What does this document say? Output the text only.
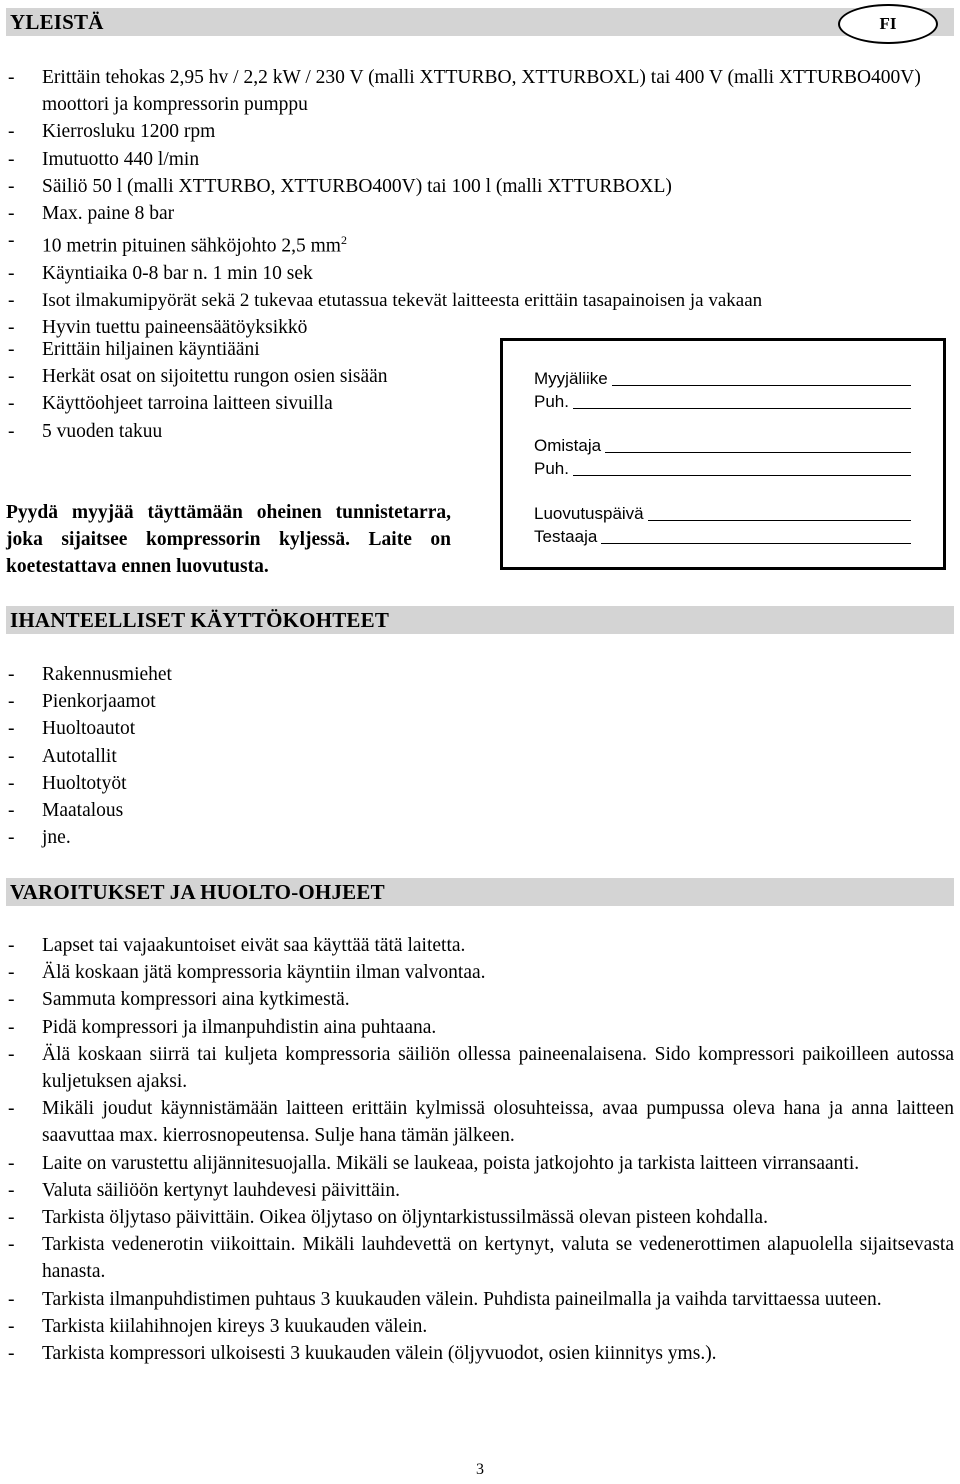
YLEISTÄ	FI
- Erittäin tehokas 2,95 hv / 2,2 kW / 230 V (malli XTTURBO, XTTURBOXL) tai 400 V (malli XTTURBO400V) moottori ja kompressorin pumppu
- Kierrosluku 1200 rpm
- Imutuotto 440 l/min
- Säiliö 50 l (malli XTTURBO, XTTURBO400V) tai 100 l (malli XTTURBOXL)
- Max. paine 8 bar
- 10 metrin pituinen sähköjohto 2,5 $mm^2$
- Käyntiaika 0-8 bar n. 1 min 10 sek
- Isot ilmakumipyörät sekä 2 tukevaa etutassua tekevät laitteesta erittäin tasapainoisen ja vakaan
- Hyvin tuettu paineensäätöyksikkö
- Erittäin hiljainen käyntiääni
- Herkät osat on sijoitettu rungon osien sisään
- Käyttöohjeet tarroina laitteen sivuilla
- 5 vuoden takuu
Pyydä myyjää täyttämään oheinen tunnistetarra, joka sijaitsee kompressorin kyljessä. Laite on koetestattava ennen luovutusta.
Myyjäliike
Puh.
Omistaja
Puh.
Luovutuspäivä
Testaaja
IHANTEELLISET KÄYTTÖKOHTEET
- Rakennusmiehet
- Pienkorjaamot
- Huoltoautot
- Autotallit
- Huoltotyöt
- Maatalous
- jne.
VAROITUKSET JA HUOLTO-OHJEET
- Lapset tai vajaakuntoiset eivät saa käyttää tätä laitetta.
- Älä koskaan jätä kompressoria käyntiin ilman valvontaa.
- Sammuta kompressori aina kytkimestä.
- Pidä kompressori ja ilmanpuhdistin aina puhtaana.
- Älä koskaan siirrä tai kuljeta kompressoria säiliön ollessa paineenalaisena. Sido kompressori paikoilleen autossa kuljetuksen ajaksi.
- Mikäli joudut käynnistämään laitteen erittäin kylmissä olosuhteissa, avaa pumpussa oleva hana ja anna laitteen saavuttaa max. kierrosnopeutensa. Sulje hana tämän jälkeen.
- Laite on varustettu alijännitesuojalla. Mikäli se laukeaa, poista jatkojohto ja tarkista laitteen virransaanti.
- Valuta säiliöön kertynyt lauhdevesi päivittäin.
- Tarkista öljytaso päivittäin. Oikea öljytaso on öljyntarkistussilmässä olevan pisteen kohdalla.
- Tarkista vedenerotin viikoittain. Mikäli lauhdevettä on kertynyt, valuta se vedenerottimen alapuolella sijaitsevasta hanasta.
- Tarkista ilmanpuhdistimen puhtaus 3 kuukauden välein. Puhdista paineilmalla ja vaihda tarvittaessa uuteen.
- Tarkista kiilahihnojen kireys 3 kuukauden välein.
- Tarkista kompressori ulkoisesti 3 kuukauden välein (öljyvuodot, osien kiinnitys yms.).
3
